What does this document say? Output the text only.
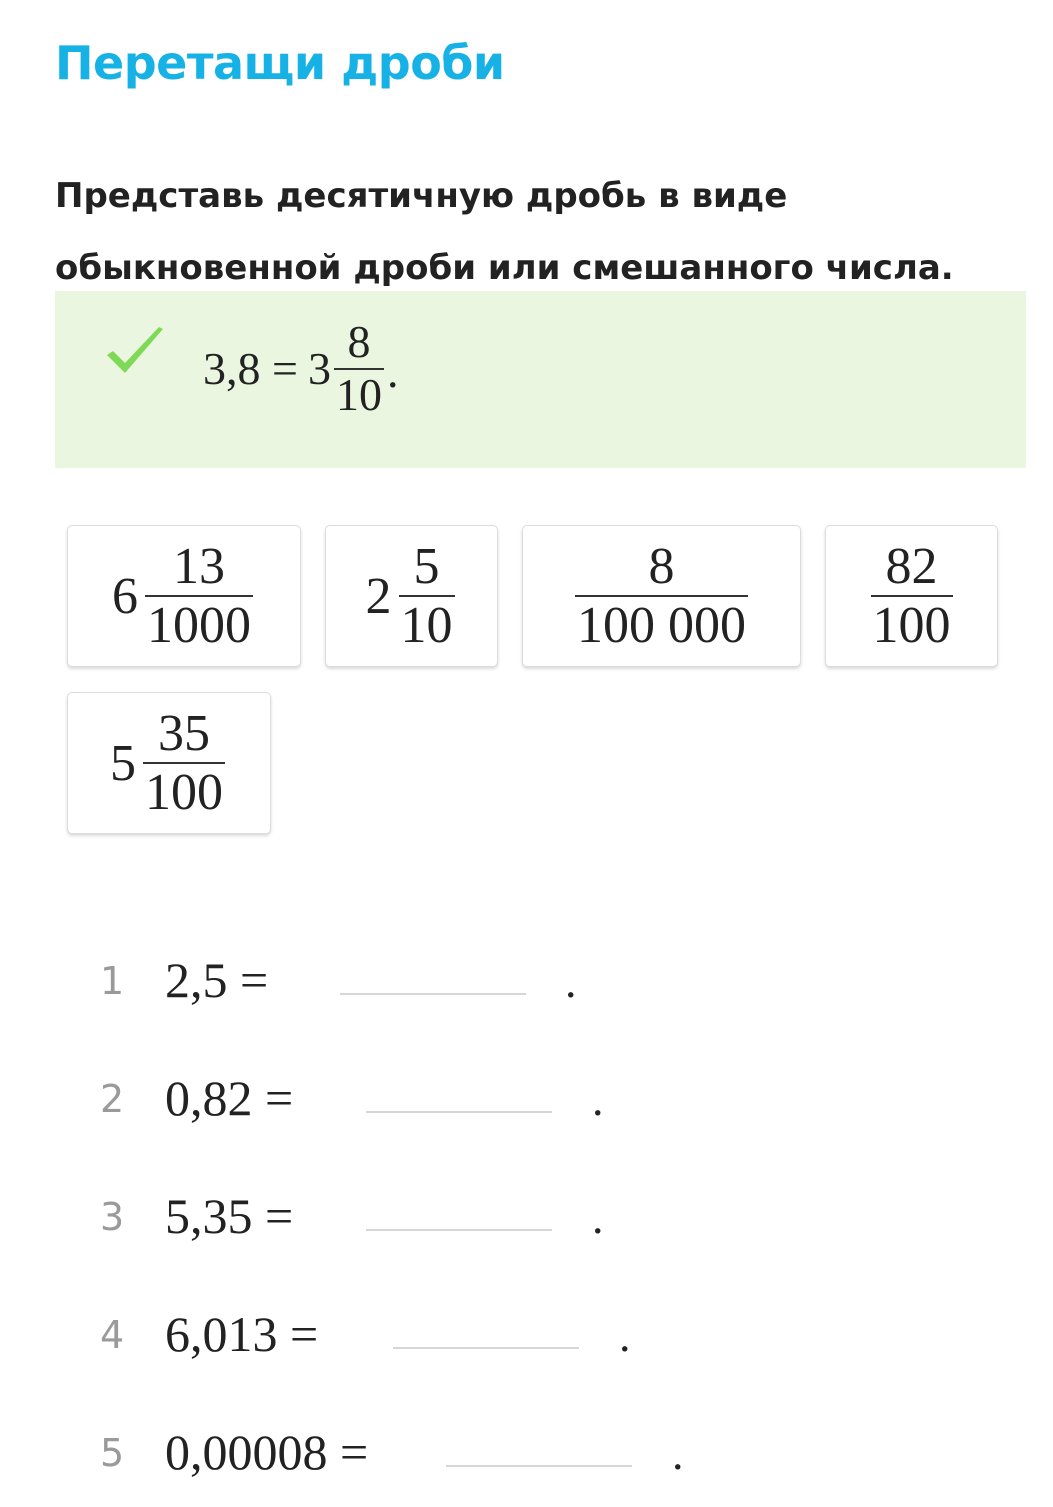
Перетащи дроби

Представь десятичную дробь в виде обыкновенной дроби или смешанного числа.

$3,8 = 3 \frac{8}{10}$ .
$6 \frac{13}{1000} 2 \frac{5}{10} \frac{8}{100 000} \frac{82}{100}$
$5 \frac{35}{100}$
1 2,5 =	.
2 0,82 =	.
3 5,35 =	.
4 6,013 =	.
5 0,00008 =	.
